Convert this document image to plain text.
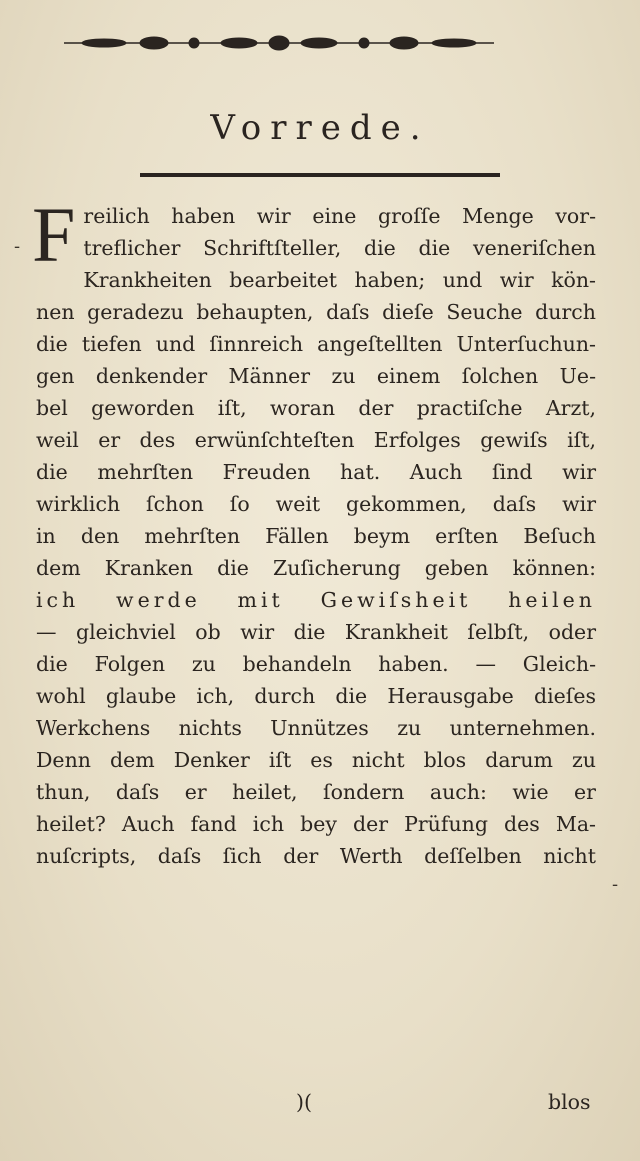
Vorrede.
F reilich haben wir eine groſſe Menge vor-
treflicher Schriftſteller, die die veneriſchen
Krankheiten bearbeitet haben; und wir kön-
nen geradezu behaupten, daſs dieſe Seuche durch
die tiefen und ſinnreich angeſtellten Unterſuchun-
gen denkender Männer zu einem ſolchen Ue-
bel geworden iſt, woran der practiſche Arzt,
weil er des erwünſchteſten Erfolges gewiſs iſt,
die mehrſten Freuden hat. Auch ſind wir
wirklich ſchon ſo weit gekommen, daſs wir
in den mehrſten Fällen beym erſten Beſuch
dem Kranken die Zuſicherung geben können:
ich werde mit Gewiſsheit heilen
— gleichviel ob wir die Krankheit ſelbſt, oder
die Folgen zu behandeln haben. — Gleich-
wohl glaube ich, durch die Herausgabe dieſes
Werkchens nichts Unnützes zu unternehmen.
Denn dem Denker iſt es nicht blos darum zu
thun, daſs er heilet, ſondern auch: wie er
heilet? Auch fand ich bey der Prüfung des Ma-
nuſcripts, daſs ſich der Werth deſſelben nicht
-
-
)(	blos
